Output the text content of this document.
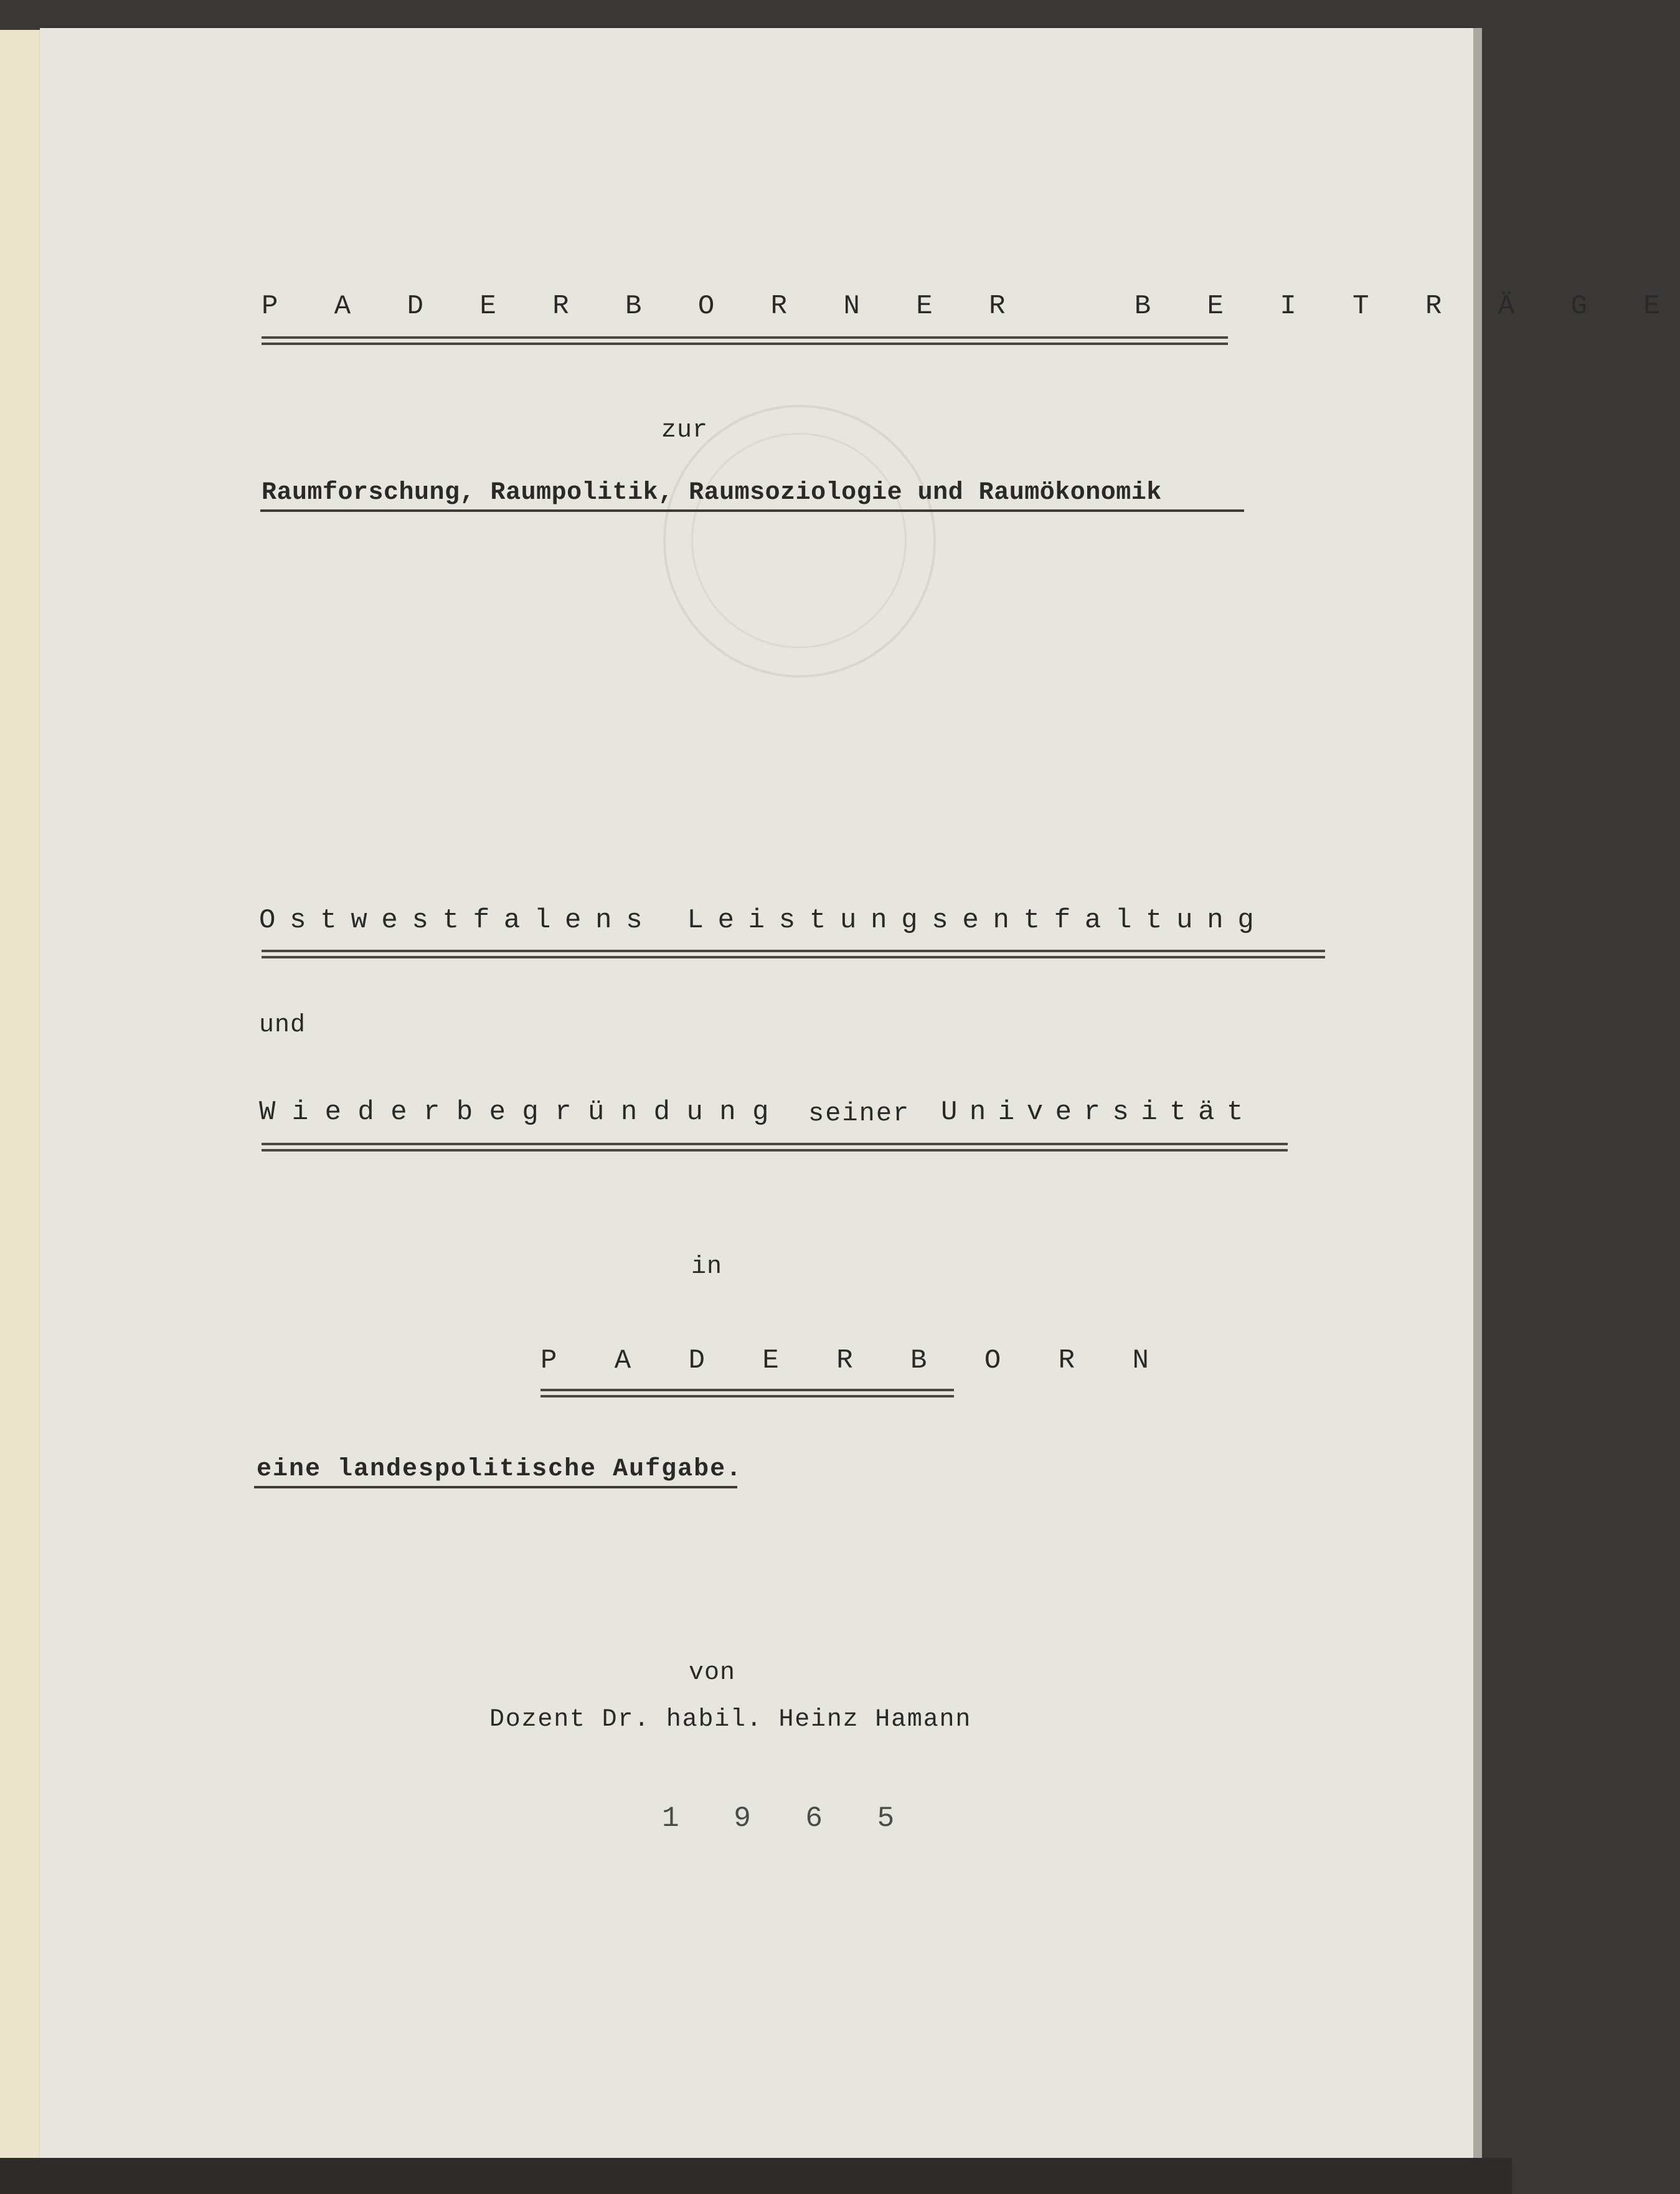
P A D E R B O R N E R   B E I T R Ä G E
zur
Raumforschung, Raumpolitik, Raumsoziologie und Raumökonomik
Ostwestfalens Leistungsentfaltung
und
Wiederbegründung seiner Universität
in
P A D E R B O R N
eine landespolitische Aufgabe.
von
Dozent Dr. habil. Heinz Hamann
1 9 6 5
